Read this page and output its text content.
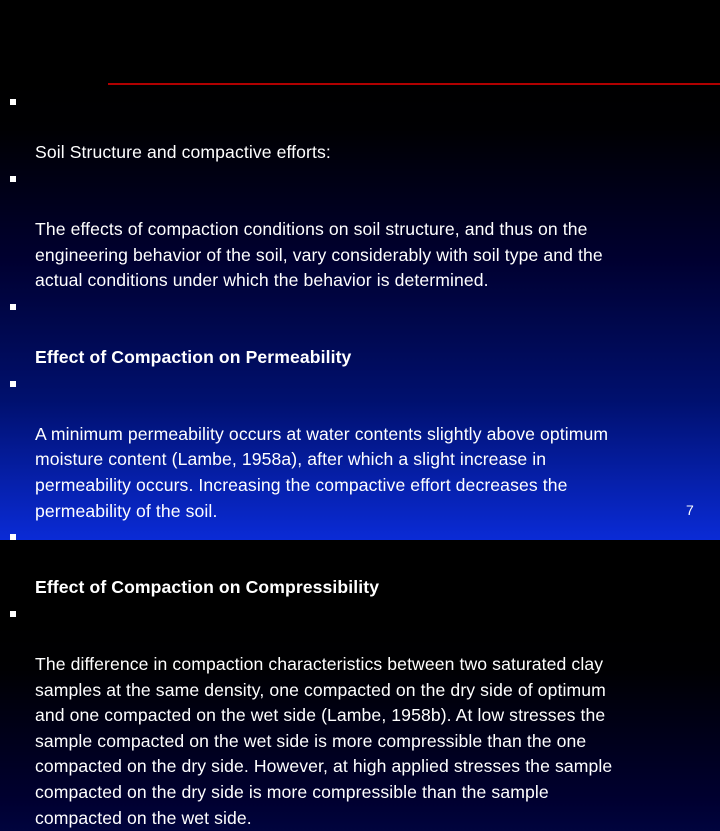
Soil Structure and compactive efforts:

The effects of compaction conditions on soil structure, and thus on the
engineering behavior of the soil, vary considerably with soil type and the
actual conditions under which the behavior is determined.

Effect of Compaction on Permeability

A minimum permeability occurs at water contents slightly above optimum
moisture content (Lambe, 1958a), after which a slight increase in
permeability occurs. Increasing the compactive effort decreases the
permeability of the soil.

Effect of Compaction on Compressibility

The difference in compaction characteristics between two saturated clay
samples at the same density, one compacted on the dry side of optimum
and one compacted on the wet side (Lambe, 1958b). At low stresses the
sample compacted on the wet side is more compressible than the one
compacted on the dry side. However, at high applied stresses the sample
compacted on the dry side is more compressible than the sample
compacted on the wet side.

7
